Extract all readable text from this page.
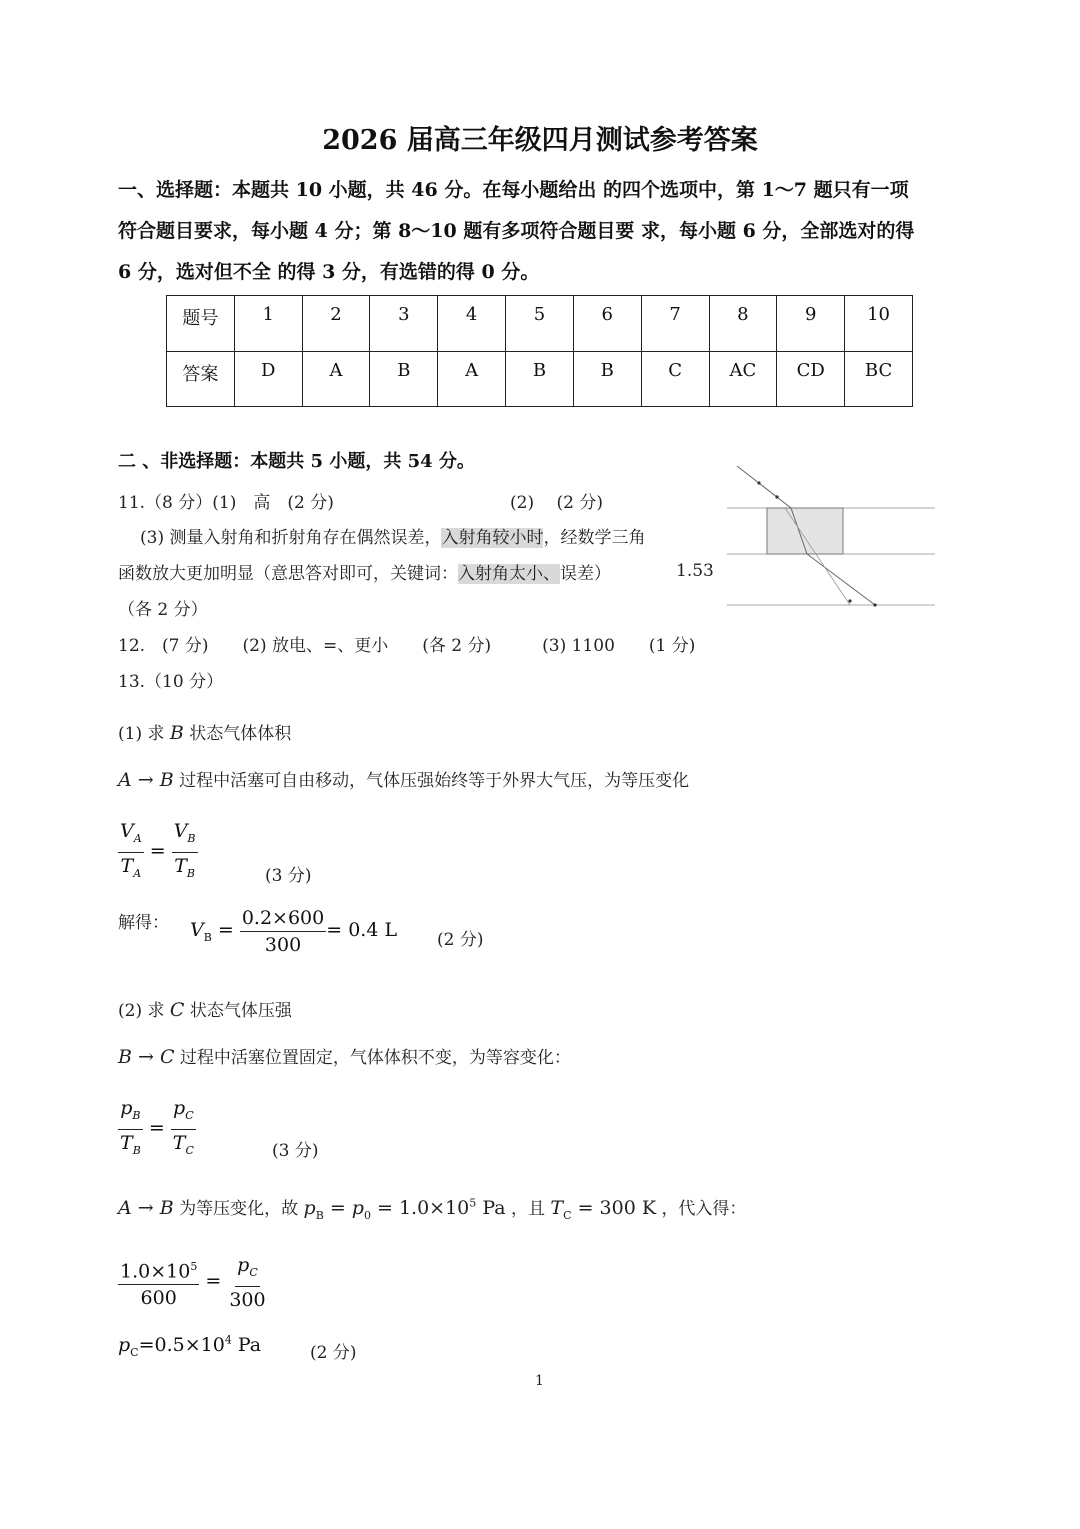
2026 届高三年级四月测试参考答案
一、选择题：本题共 10 小题，共 46 分。在每小题给出 的四个选项中，第 1～7 题只有一项
符合题目要求，每小题 4 分；第 8～10 题有多项符合题目要 求，每小题 6 分，全部选对的得
6 分，选对但不全 的得 3 分，有选错的得 0 分。
题号	1	2	3	4	5	6	7	8	9	10
答案	D	A	B	A	B	B	C	AC	CD	BC
二 、非选择题：本题共 5 小题，共 54 分。
11.（8 分）(1)　高　(2 分)	(2)　 (2 分)
(3) 测量入射角和折射角存在偶然误差，入射角较小时，经数学三角
函数放大更加明显（意思答对即可，关键词：入射角太小、误差）	1.53
（各 2 分）
12.　(7 分)　　(2) 放电、=、更小　　(各 2 分)　　　(3) 1100　　(1 分)
13.（10 分）
(1) 求 B 状态气体体积
A → B 过程中活塞可自由移动，气体压强始终等于外界大气压，为等压变化
$\frac{V_A}{T_A} = \frac{V_B}{T_B}$	(3 分)
解得： $V_B = \frac{0.2\times 600}{300} = 0.4$ L (2 分)
(2) 求 C 状态气体压强
B → C 过程中活塞位置固定，气体体积不变，为等容变化：
$\frac{p_B}{T_B} = \frac{p_C}{T_C}$	(3 分)
A → B 为等压变化，故 $p_B = p_0 = 1.0\times 10^5$ Pa ，且 $T_C = 300$ K ，代入得：
$\frac{1.0\times 10^5}{600} = \frac{p_C}{300}$
$p_C=0.5\times 10^4$ Pa	(2 分)
1
